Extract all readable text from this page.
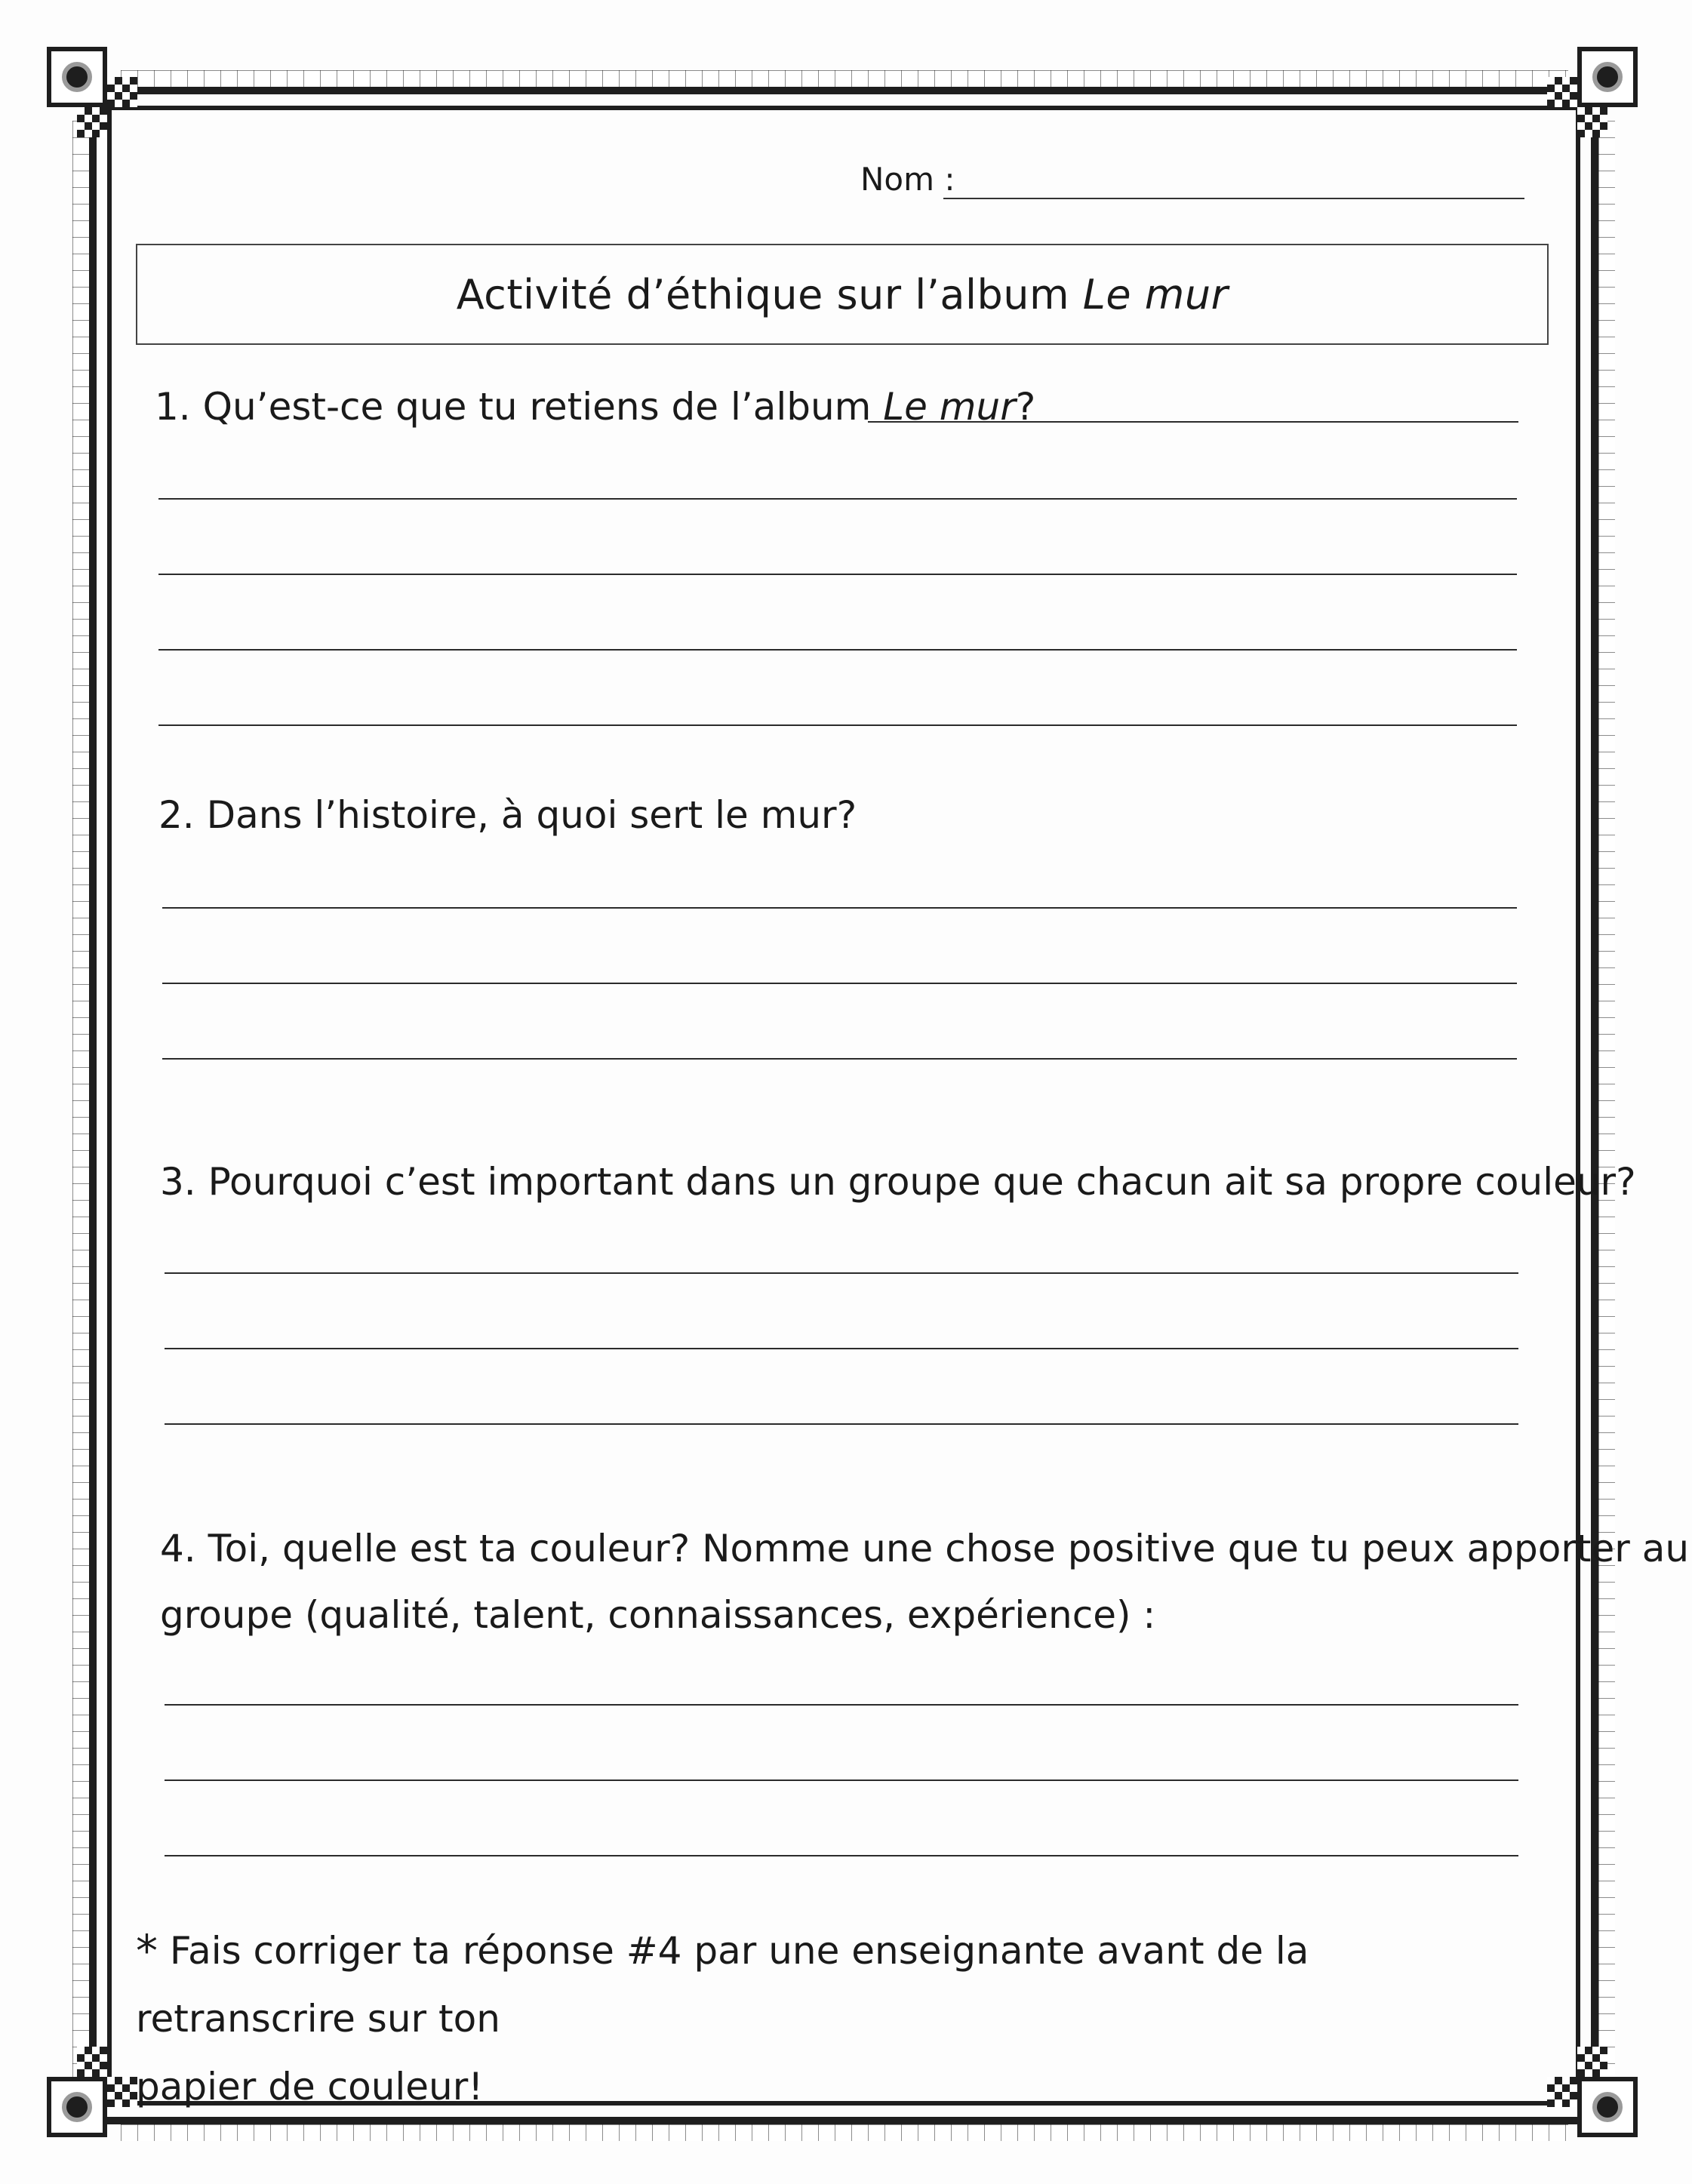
Nom :
Activité d’éthique sur l’album Le mur
1. Qu’est-ce que tu retiens de l’album Le mur?
2. Dans l’histoire, à quoi sert le mur?
3. Pourquoi c’est important dans un groupe que chacun ait sa propre couleur?
4. Toi, quelle est ta couleur? Nomme une chose positive que tu peux apporter au
groupe (qualité, talent, connaissances, expérience) :
* Fais corriger ta réponse #4 par une enseignante avant de la retranscrire sur ton
papier de couleur!
